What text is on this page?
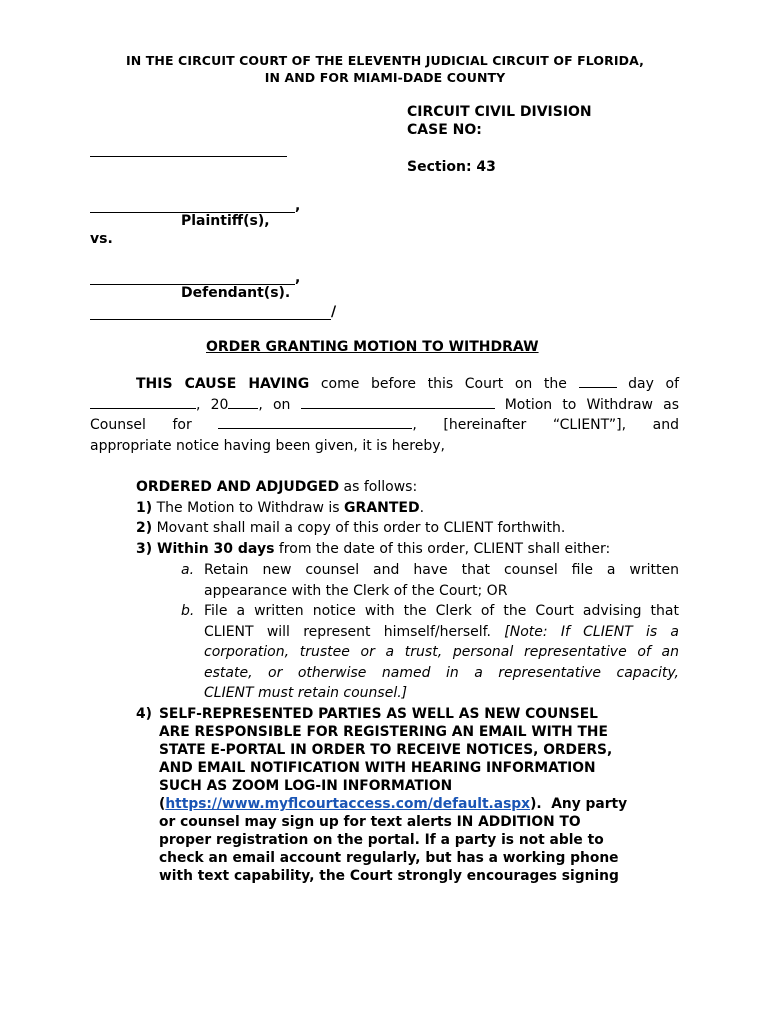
IN THE CIRCUIT COURT OF THE ELEVENTH JUDICIAL CIRCUIT OF FLORIDA,
IN AND FOR MIAMI-DADE COUNTY
CIRCUIT CIVIL DIVISION
CASE NO:
Section: 43
,
Plaintiff(s),
vs.
,
Defendant(s).
/
ORDER GRANTING MOTION TO WITHDRAW
THIS CAUSE HAVING come before this Court on the	day of
, 20 , on	Motion to Withdraw as
Counsel for	, [hereinafter “CLIENT”], and
appropriate notice having been given, it is hereby,
ORDERED AND ADJUDGED as follows:
1) The Motion to Withdraw is GRANTED.
2) Movant shall mail a copy of this order to CLIENT forthwith.
3) Within 30 days from the date of this order, CLIENT shall either:
a. Retain new counsel and have that counsel file a written
appearance with the Clerk of the Court; OR
b. File a written notice with the Clerk of the Court advising that
CLIENT will represent himself/herself. [Note: If CLIENT is a
corporation, trustee or a trust, personal representative of an
estate, or otherwise named in a representative capacity,
CLIENT must retain counsel.]
4) SELF-REPRESENTED PARTIES AS WELL AS NEW COUNSEL
ARE RESPONSIBLE FOR REGISTERING AN EMAIL WITH THE
STATE E-PORTAL IN ORDER TO RECEIVE NOTICES, ORDERS,
AND EMAIL NOTIFICATION WITH HEARING INFORMATION
SUCH AS ZOOM LOG-IN INFORMATION
(https://www.myflcourtaccess.com/default.aspx).  Any party
or counsel may sign up for text alerts IN ADDITION TO
proper registration on the portal. If a party is not able to
check an email account regularly, but has a working phone
with text capability, the Court strongly encourages signing
